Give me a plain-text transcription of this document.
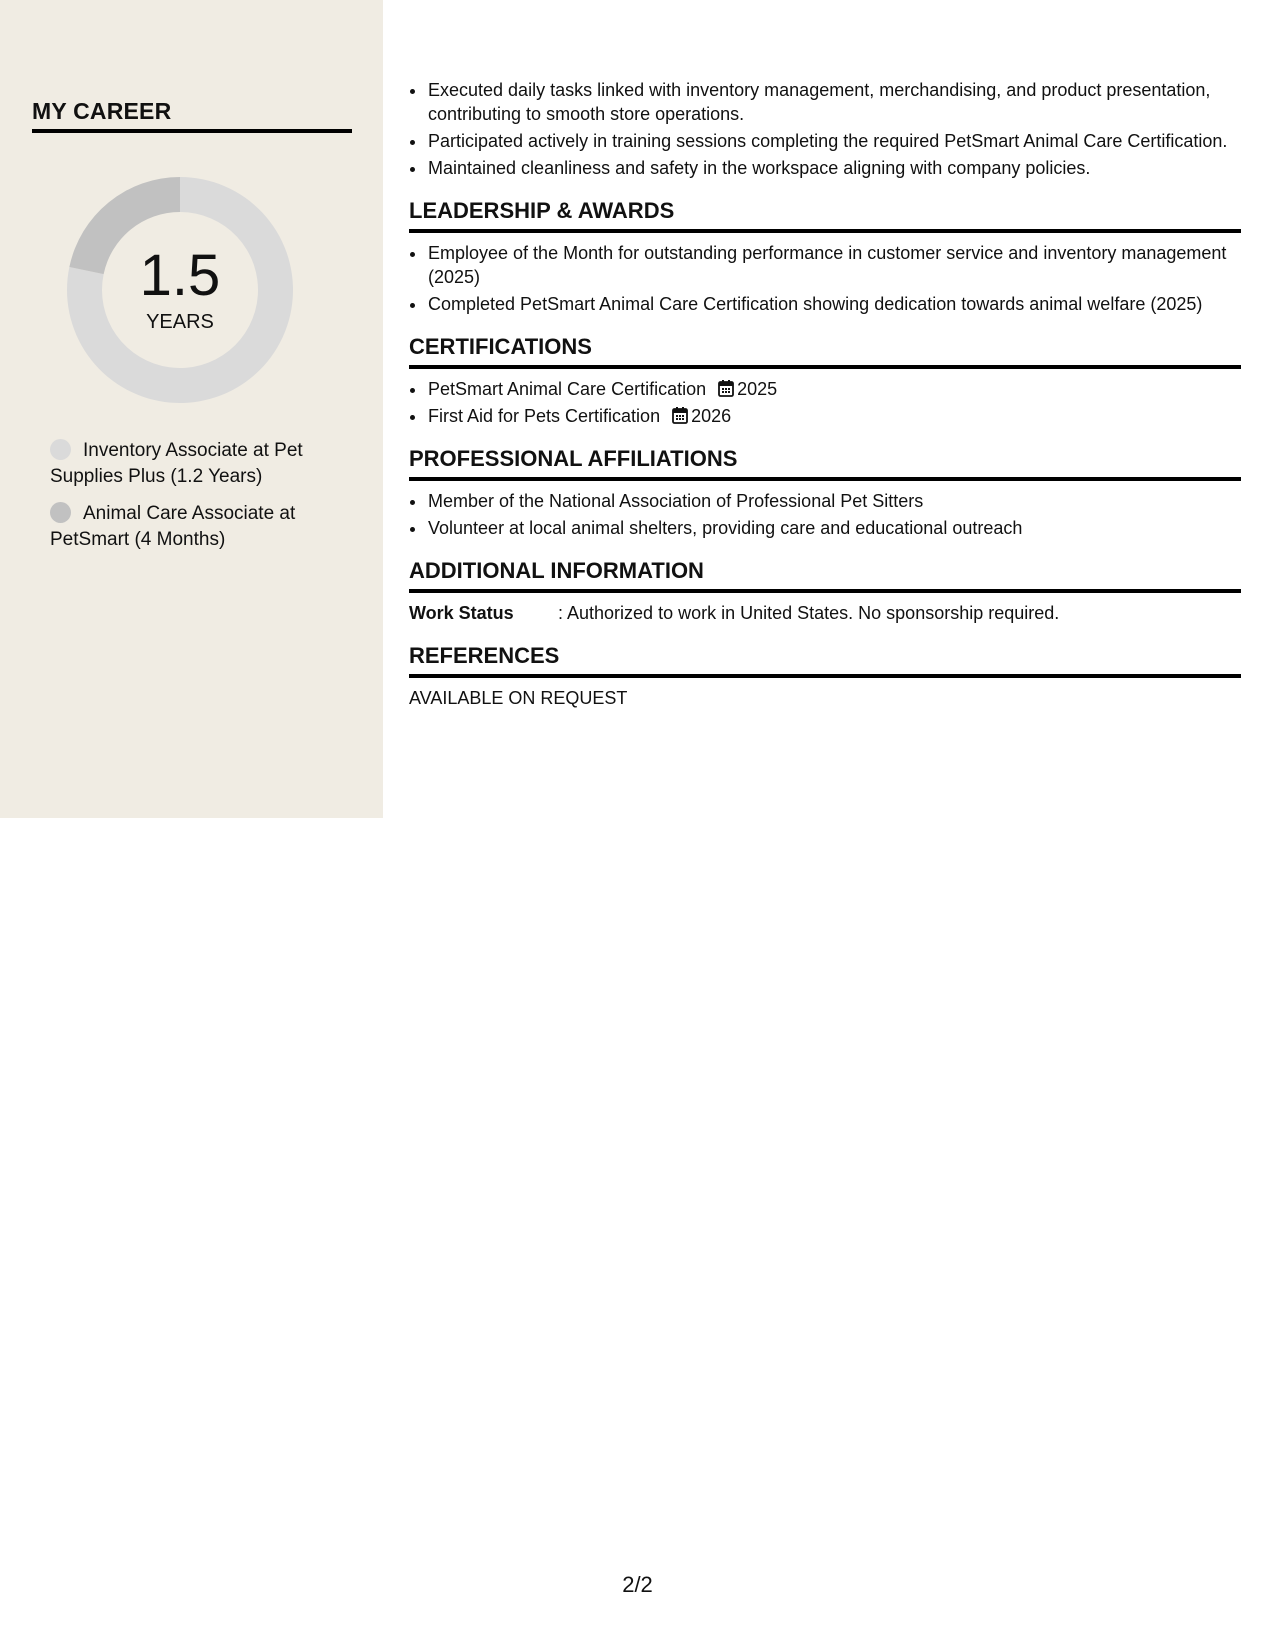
MY CAREER
1.5
YEARS
Inventory Associate at Pet Supplies Plus (1.2 Years)
Animal Care Associate at PetSmart (4 Months)
• Executed daily tasks linked with inventory management, merchandising, and product presentation, contributing to smooth store operations.
• Participated actively in training sessions completing the required PetSmart Animal Care Certification.
• Maintained cleanliness and safety in the workspace aligning with company policies.
LEADERSHIP & AWARDS
• Employee of the Month for outstanding performance in customer service and inventory management (2025)
• Completed PetSmart Animal Care Certification showing dedication towards animal welfare (2025)
CERTIFICATIONS
• PetSmart Animal Care Certification 2025
• First Aid for Pets Certification 2026
PROFESSIONAL AFFILIATIONS
• Member of the National Association of Professional Pet Sitters
• Volunteer at local animal shelters, providing care and educational outreach
ADDITIONAL INFORMATION
Work Status : Authorized to work in United States. No sponsorship required.
REFERENCES
AVAILABLE ON REQUEST
2/2
